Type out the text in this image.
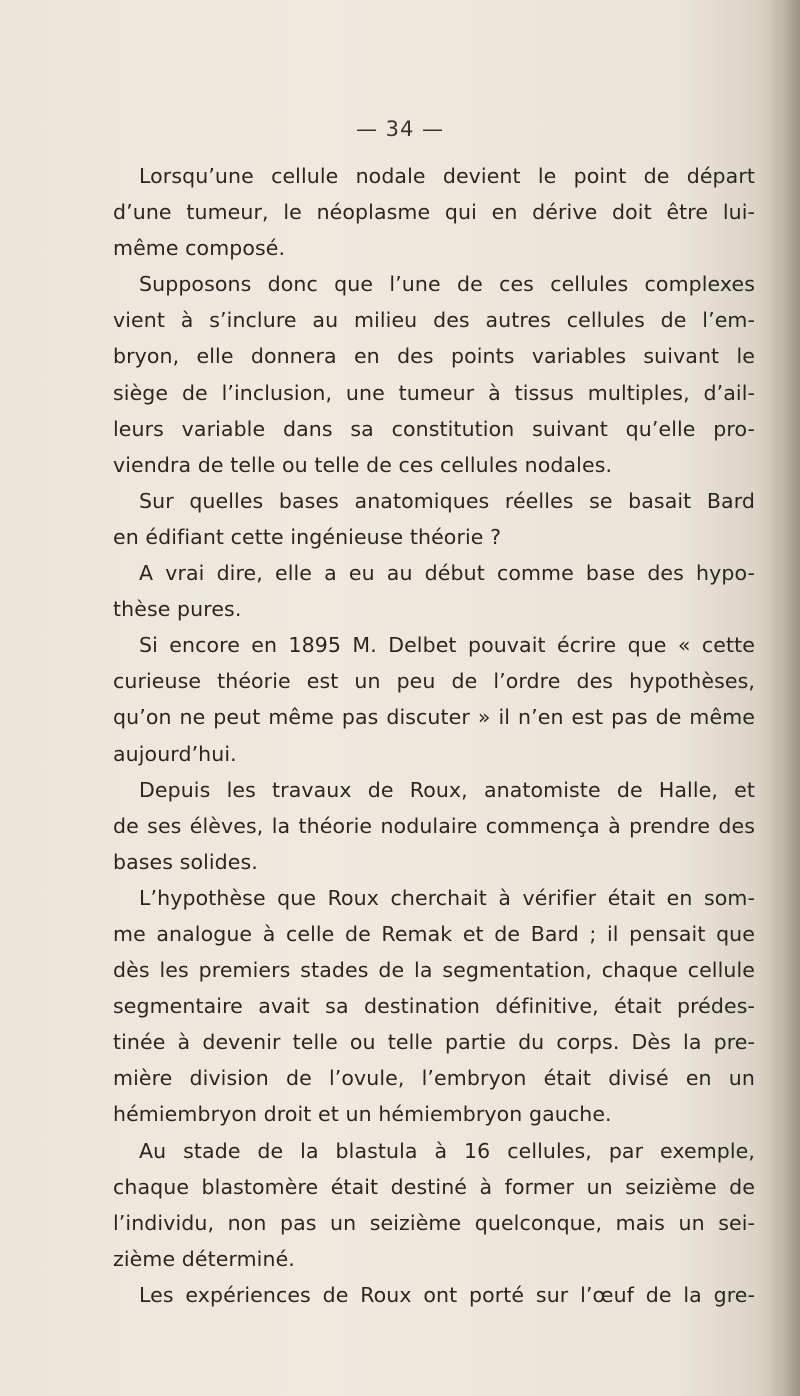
— 34 —
Lorsqu’une cellule nodale devient le point de départ
d’une tumeur, le néoplasme qui en dérive doit être lui-
même composé.
Supposons donc que l’une de ces cellules complexes
vient à s’inclure au milieu des autres cellules de l’em-
bryon, elle donnera en des points variables suivant le
siège de l’inclusion, une tumeur à tissus multiples, d’ail-
leurs variable dans sa constitution suivant qu’elle pro-
viendra de telle ou telle de ces cellules nodales.
Sur quelles bases anatomiques réelles se basait Bard
en édifiant cette ingénieuse théorie ?
A vrai dire, elle a eu au début comme base des hypo-
thèse pures.
Si encore en 1895 M. Delbet pouvait écrire que « cette
curieuse théorie est un peu de l’ordre des hypothèses,
qu’on ne peut même pas discuter » il n’en est pas de même
aujourd’hui.
Depuis les travaux de Roux, anatomiste de Halle, et
de ses élèves, la théorie nodulaire commença à prendre des
bases solides.
L’hypothèse que Roux cherchait à vérifier était en som-
me analogue à celle de Remak et de Bard ; il pensait que
dès les premiers stades de la segmentation, chaque cellule
segmentaire avait sa destination définitive, était prédes-
tinée à devenir telle ou telle partie du corps. Dès la pre-
mière division de l’ovule, l’embryon était divisé en un
hémiembryon droit et un hémiembryon gauche.
Au stade de la blastula à 16 cellules, par exemple,
chaque blastomère était destiné à former un seizième de
l’individu, non pas un seizième quelconque, mais un sei-
zième déterminé.
Les expériences de Roux ont porté sur l’œuf de la gre-
